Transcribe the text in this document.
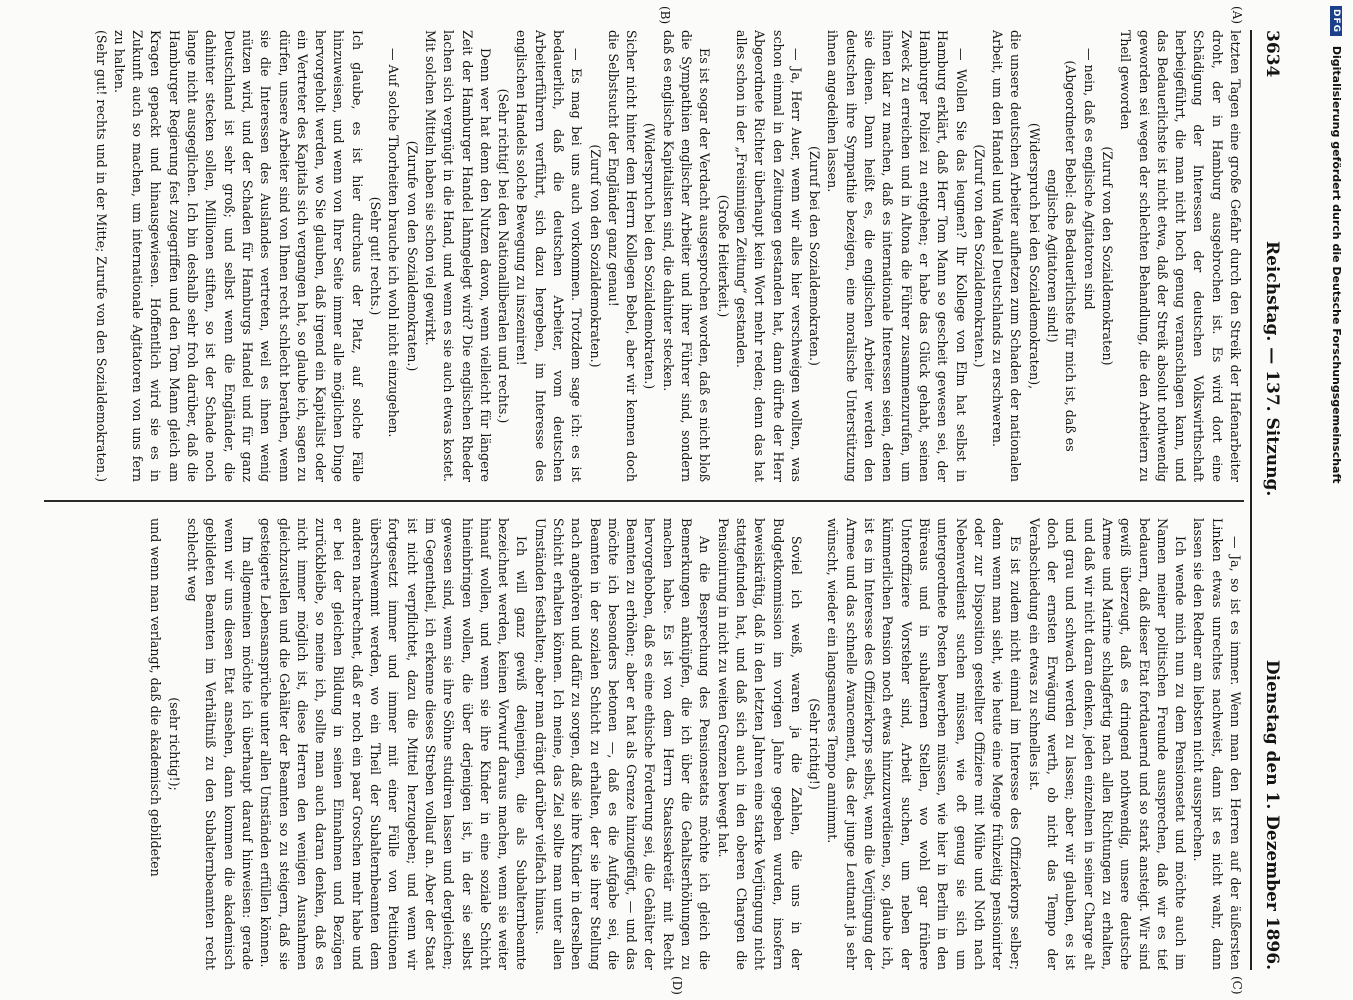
3634
Reichstag. — 137. Sitzung.
Dienstag den 1. Dezember 1896.
(A)
(B)
(C)
(D)

letzten Tagen eine große Gefahr durch den Streik der Hafenarbeiter droht, der in Hamburg ausgebrochen ist. Es wird dort eine Schädigung der Interessen der deutschen Volkswirthschaft herbeigeführt, die man nicht hoch genug veranschlagen kann, und das Bedauerlichste ist nicht etwa, daß der Streik absolut nothwendig geworden sei wegen der schlechten Behandlung, die den Arbeitern zu Theil geworden

(Zuruf von den Sozialdemokraten)

— nein, daß es englische Agitatoren sind

(Abgeordneter Bebel: das Bedauerlichste für mich ist, daß es englische Agitatoren sind!)

(Widerspruch bei den Sozialdemokraten),

die unsere deutschen Arbeiter aufhetzen zum Schaden der nationalen Arbeit, um den Handel und Wandel Deutschlands zu erschweren.

(Zuruf von den Sozialdemokraten.)

— Wollen Sie das leugnen? Ihr Kollege von Elm hat selbst in Hamburg erklärt, daß Herr Tom Mann so gescheit gewesen sei, der Hamburger Polizei zu entgehen; er habe das Glück gehabt, seinen Zweck zu erreichen und in Altona die Führer zusammenzurufen, um ihnen klar zu machen, daß es internationale Interessen seien, denen sie dienen. Dann heißt es, die englischen Arbeiter werden den deutschen ihre Sympathie bezeigen, eine moralische Unterstützung ihnen angedeihen lassen.

(Zuruf bei den Sozialdemokraten.)

— Ja, Herr Auer, wenn wir alles hier verschweigen wollten, was schon einmal in den Zeitungen gestanden hat, dann dürfte der Herr Abgeordnete Richter überhaupt kein Wort mehr reden; denn das hat alles schon in der „Freisinnigen Zeitung“ gestanden.

(Große Heiterkeit.)

Es ist sogar der Verdacht ausgesprochen worden, daß es nicht bloß die Sympathien englischer Arbeiter und ihrer Führer sind, sondern daß es englische Kapitalisten sind, die dahinter stecken.

(Widerspruch bei den Sozialdemokraten.)

Sicher nicht hinter dem Herrn Kollegen Bebel, aber wir kennen doch die Selbstsucht der Engländer ganz genau!

(Zuruf von den Sozialdemokraten.)

— Es mag bei uns auch vorkommen. Trotzdem sage ich: es ist bedauerlich, daß die deutschen Arbeiter, vom deutschen Arbeiterführern verführt, sich dazu hergeben, im Interesse des englischen Handels solche Bewegung zu inszeniren!

(Sehr richtig! bei den Nationalliberalen und rechts.)

Denn wer hat denn den Nutzen davon, wenn vielleicht für längere Zeit der Hamburger Handel lahmgelegt wird? Die englischen Rheder lachen sich vergnügt in die Hand, und wenn es sie auch etwas kostet. Mit solchen Mitteln haben sie schon viel gewirkt.

(Zurufe von den Sozialdemokraten.)

— Auf solche Thorheiten brauche ich wohl nicht einzugehen.

(Sehr gut! rechts.)

Ich glaube, es ist hier durchaus der Platz, auf solche Fälle hinzuweisen, und wenn von Ihrer Seite immer alle möglichen Dinge hervorgeholt werden, wo Sie glauben, daß irgend ein Kapitalist oder ein Vertreter des Kapitals sich vergangen hat, so glaube ich, sagen zu dürfen, unsere Arbeiter sind von Ihnen recht schlecht berathen, wenn sie die Interessen des Auslandes vertreten, weil es ihnen wenig nützen wird, und der Schaden für Hamburgs Handel und für ganz Deutschland ist sehr groß; und selbst wenn die Engländer, die dahinter stecken sollen, Millionen stiften, so ist der Schade noch lange nicht ausgeglichen. Ich bin deshalb sehr froh darüber, daß die Hamburger Regierung fest zugegriffen und den Tom Mann gleich am Kragen gepackt und hinausgewiesen. Hoffentlich wird sie es in Zukunft auch so machen, um internationale Agitatoren von uns fern zu halten.

(Sehr gut! rechts und in der Mitte; Zurufe von den Sozialdemokraten.)

— Ja, so ist es immer. Wenn man den Herren auf der äußersten Linken etwas unrechtes nachweist, dann ist es nicht wahr, dann lassen sie den Redner am liebsten nicht aussprechen.

Ich wende mich nun zu dem Pensionsetat und möchte auch im Namen meiner politischen Freunde aussprechen, daß wir es tief bedauern, daß dieser Etat fortdauernd und so stark ansteigt. Wir sind gewiß überzeugt, daß es dringend nothwendig, unsere deutsche Armee und Marine schlagfertig nach allen Richtungen zu erhalten, und daß wir nicht daran denken, jeden einzelnen in seiner Charge alt und grau und schwach werden zu lassen; aber wir glauben, es ist doch der ernsten Erwägung werth, ob nicht das Tempo der Verabschiedung ein etwas zu schnelles ist.

Es ist zudem nicht einmal im Interesse des Offizierkorps selber; denn wenn man sieht, wie heute eine Menge frühzeitig pensionirter oder zur Disposition gestellter Offiziere mit Mühe und Noth nach Nebenverdienst suchen müssen, wie oft genug sie sich um untergeordnete Posten bewerben müssen, wie hier in Berlin in den Büreaus und in subalternen Stellen, wo wohl gar frühere Unteroffiziere Vorsteher sind, Arbeit suchen, um neben der kümmerlichen Pension noch etwas hinzuzuverdienen, so, glaube ich, ist es im Interesse des Offizierkorps selbst, wenn die Verjüngung der Armee und das schnelle Avancement, das der junge Leutnant ja sehr wünscht, wieder ein langsameres Tempo annimmt.

(Sehr richtig!)

Soviel ich weiß, waren ja die Zahlen, die uns in der Budgetkommission im vorigen Jahre gegeben wurden, insofern beweiskräftig, daß in den letzten Jahren eine starke Verjüngung nicht stattgefunden hat, und daß sich auch in den oberen Chargen die Pensionirung in nicht zu weiten Grenzen bewegt hat.

An die Besprechung des Pensionsetats möchte ich gleich die Bemerkungen anknüpfen, die ich über die Gehaltserhöhungen zu machen habe. Es ist von dem Herrn Staatssekretär mit Recht hervorgehoben, daß es eine ethische Forderung sei, die Gehälter der Beamten zu erhöhen; aber er hat als Grenze hinzugefügt, — und das möchte ich besonders betonen —, daß es die Aufgabe sei, die Beamten in der sozialen Schicht zu erhalten, der sie ihrer Stellung nach angehören und dafür zu sorgen, daß sie ihre Kinder in derselben Schicht erhalten können. Ich meine, das Ziel sollte man unter allen Umständen festhalten; aber man drängt darüber vielfach hinaus.

Ich will ganz gewiß denjenigen, die als Subalternbeamte bezeichnet werden, keinen Vorwurf daraus machen, wenn sie weiter hinauf wollen, und wenn sie ihre Kinder in eine soziale Schicht hineinbringen wollen, die über derjenigen ist, in der sie selbst gewesen sind, wenn sie ihre Söhne studiren lassen und dergleichen; im Gegentheil, ich erkenne dieses Streben vollauf an. Aber der Staat ist nicht verpflichtet, dazu die Mittel herzugeben; und wenn wir fortgesetzt immer und immer mit einer Fülle von Petitionen überschwemmt werden, wo ein Theil der Subalternbeamten dem anderen nachrechnet, daß er noch ein paar Groschen mehr habe und er bei der gleichen Bildung in seinen Einnahmen und Bezügen zurückbleibe, so meine ich, sollte man auch daran denken, daß es nicht immer möglich ist, diese Herren den wenigen Ausnahmen gleichzustellen und die Gehälter der Beamten so zu steigern, daß sie gesteigerte Lebensansprüche unter allen Umständen erfüllen können.

Im allgemeinen möchte ich überhaupt darauf hinweisen: gerade wenn wir uns diesen Etat ansehen, dann kommen die akademisch gebildeten Beamten im Verhältniß zu den Subalternbeamten recht schlecht weg

(sehr richtig!);

und wenn man verlangt, daß die akademisch gebildeten

DFG Digitalisierung gefördert durch die Deutsche Forschungsgemeinschaft
